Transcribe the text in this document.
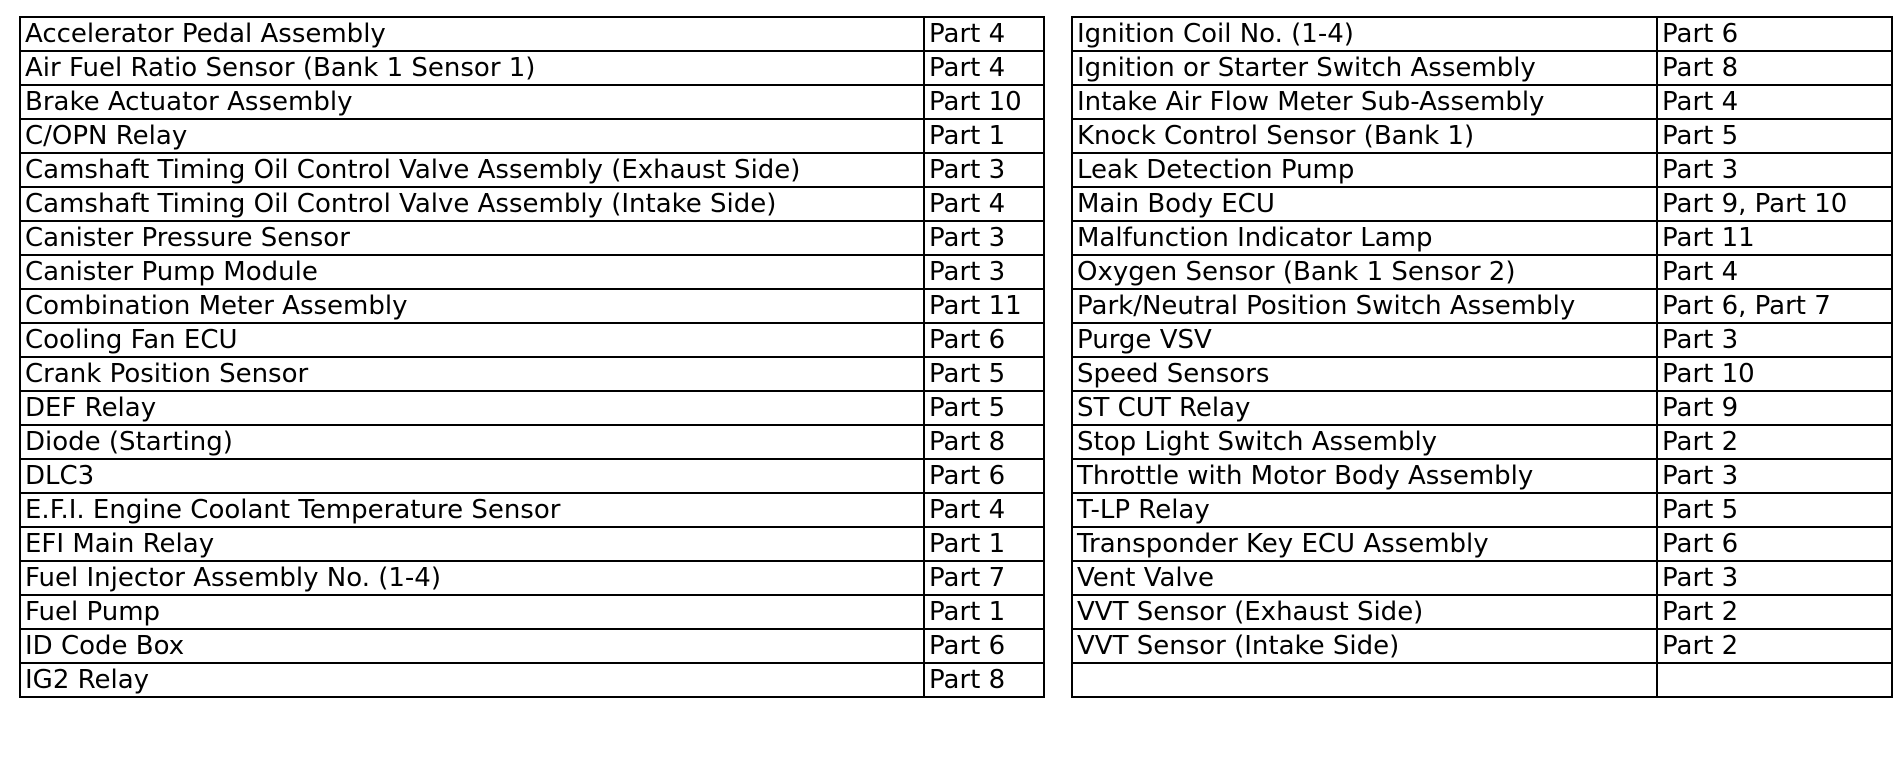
Accelerator Pedal Assembly	Part 4
Air Fuel Ratio Sensor (Bank 1 Sensor 1)	Part 4
Brake Actuator Assembly	Part 10
C/OPN Relay	Part 1
Camshaft Timing Oil Control Valve Assembly (Exhaust Side)	Part 3
Camshaft Timing Oil Control Valve Assembly (Intake Side)	Part 4
Canister Pressure Sensor	Part 3
Canister Pump Module	Part 3
Combination Meter Assembly	Part 11
Cooling Fan ECU	Part 6
Crank Position Sensor	Part 5
DEF Relay	Part 5
Diode (Starting)	Part 8
DLC3	Part 6
E.F.I. Engine Coolant Temperature Sensor	Part 4
EFI Main Relay	Part 1
Fuel Injector Assembly No. (1-4)	Part 7
Fuel Pump	Part 1
ID Code Box	Part 6
IG2 Relay	Part 8
Ignition Coil No. (1-4)	Part 6
Ignition or Starter Switch Assembly	Part 8
Intake Air Flow Meter Sub-Assembly	Part 4
Knock Control Sensor (Bank 1)	Part 5
Leak Detection Pump	Part 3
Main Body ECU	Part 9, Part 10
Malfunction Indicator Lamp	Part 11
Oxygen Sensor (Bank 1 Sensor 2)	Part 4
Park/Neutral Position Switch Assembly	Part 6, Part 7
Purge VSV	Part 3
Speed Sensors	Part 10
ST CUT Relay	Part 9
Stop Light Switch Assembly	Part 2
Throttle with Motor Body Assembly	Part 3
T-LP Relay	Part 5
Transponder Key ECU Assembly	Part 6
Vent Valve	Part 3
VVT Sensor (Exhaust Side)	Part 2
VVT Sensor (Intake Side)	Part 2
